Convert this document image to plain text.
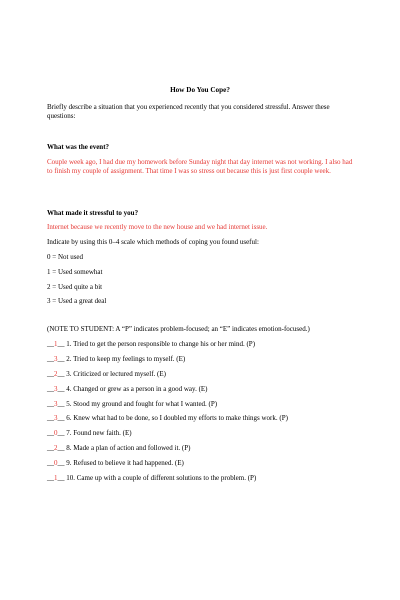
How Do You Cope?
Briefly describe a situation that you experienced recently that you considered stressful. Answer these questions:
What was the event?
Couple week ago, I had due my homework before Sunday night that day internet was not working. I also had to finish my couple of assignment. That time I was so stress out because this is just first couple week.
What made it stressful to you?
Internet because we recently move to the new house and we had internet issue.
Indicate by using this 0–4 scale which methods of coping you found useful:
0 = Not used
1 = Used somewhat
2 = Used quite a bit
3 = Used a great deal
(NOTE TO STUDENT: A “P” indicates problem-focused; an “E” indicates emotion-focused.)
__1__ 1. Tried to get the person responsible to change his or her mind. (P)
__3__ 2. Tried to keep my feelings to myself. (E)
__2__ 3. Criticized or lectured myself. (E)
__3__ 4. Changed or grew as a person in a good way. (E)
__3__ 5. Stood my ground and fought for what I wanted. (P)
__3__ 6. Knew what had to be done, so I doubled my efforts to make things work. (P)
__0__ 7. Found new faith. (E)
__2__ 8. Made a plan of action and followed it. (P)
__0__ 9. Refused to believe it had happened. (E)
__1__ 10. Came up with a couple of different solutions to the problem. (P)
